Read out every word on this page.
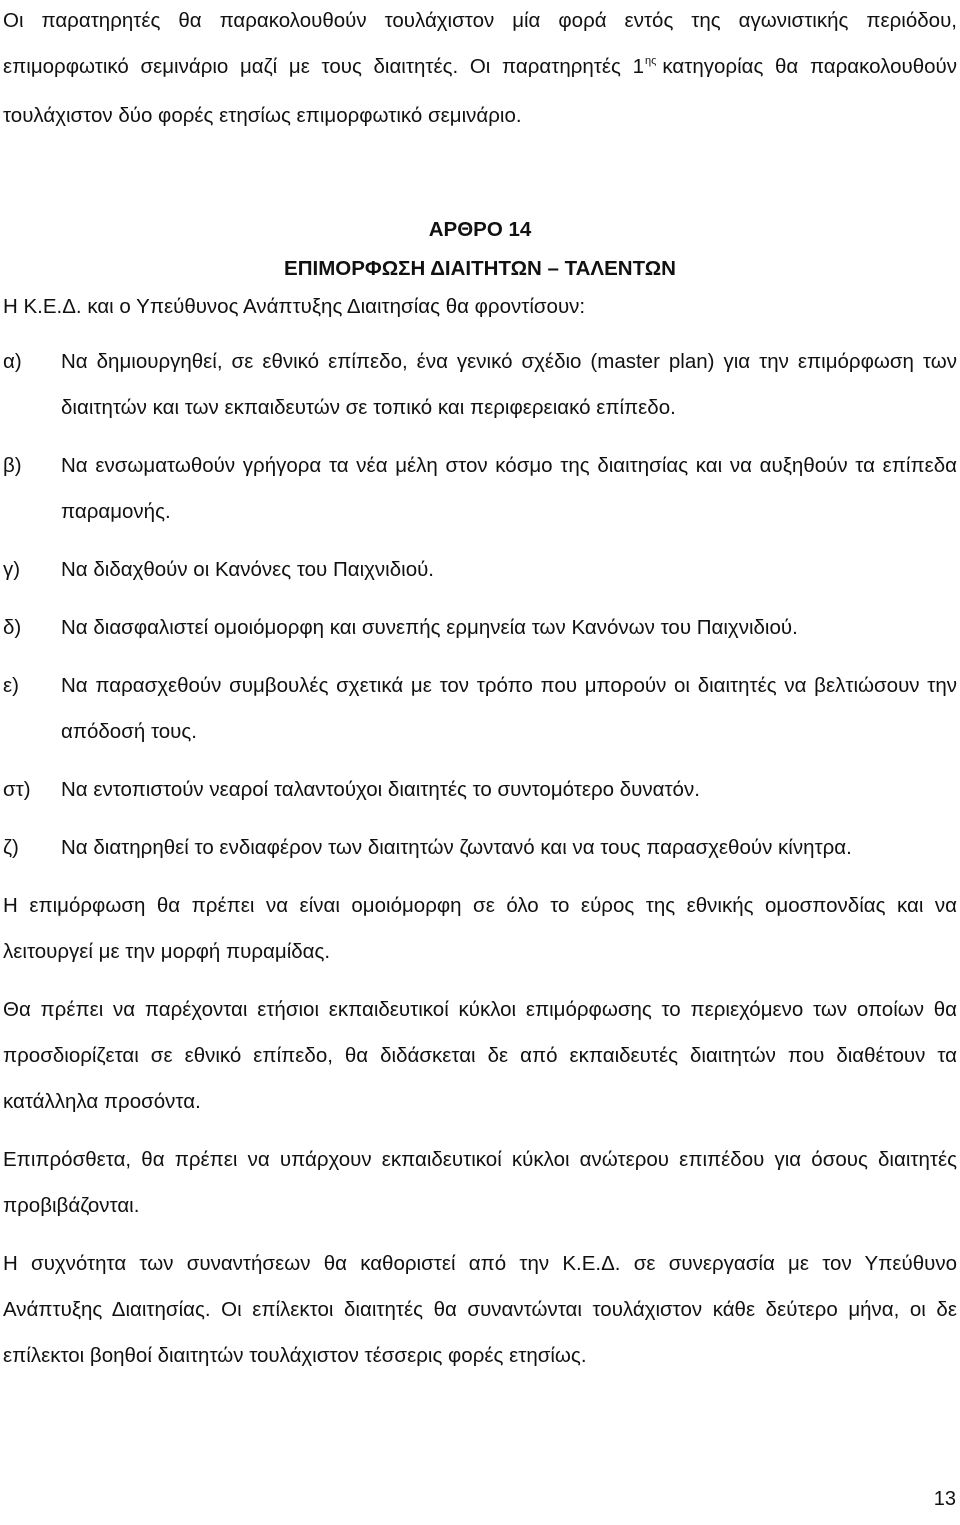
Οι παρατηρητές θα παρακολουθούν τουλάχιστον μία φορά εντός της αγωνιστικής περιόδου, επιμορφωτικό σεμινάριο μαζί με τους διαιτητές. Οι παρατηρητές $1^{\eta\varsigma}$ κατηγορίας θα παρακολουθούν τουλάχιστον δύο φορές ετησίως επιμορφωτικό σεμινάριο.

ΑΡΘΡΟ 14

ΕΠΙΜΟΡΦΩΣΗ ΔΙΑΙΤΗΤΩΝ – ΤΑΛΕΝΤΩΝ

Η Κ.Ε.Δ. και ο Υπεύθυνος Ανάπτυξης Διαιτησίας θα φροντίσουν:

α)	Να δημιουργηθεί, σε εθνικό επίπεδο, ένα γενικό σχέδιο (master plan) για την επιμόρφωση των διαιτητών και των εκπαιδευτών σε τοπικό και περιφερειακό επίπεδο.
β)	Να ενσωματωθούν γρήγορα τα νέα μέλη στον κόσμο της διαιτησίας και να αυξηθούν τα επίπεδα παραμονής.
γ)	Να διδαχθούν οι Κανόνες του Παιχνιδιού.
δ)	Να διασφαλιστεί ομοιόμορφη και συνεπής ερμηνεία των Κανόνων του Παιχνιδιού.
ε)	Να παρασχεθούν συμβουλές σχετικά με τον τρόπο που μπορούν οι διαιτητές να βελτιώσουν την απόδοσή τους.
στ)	Να εντοπιστούν νεαροί ταλαντούχοι διαιτητές το συντομότερο δυνατόν.
ζ)	Να διατηρηθεί το ενδιαφέρον των διαιτητών ζωντανό και να τους παρασχεθούν κίνητρα.

Η επιμόρφωση θα πρέπει να είναι ομοιόμορφη σε όλο το εύρος της εθνικής ομοσπονδίας και να λειτουργεί με την μορφή πυραμίδας.

Θα πρέπει να παρέχονται ετήσιοι εκπαιδευτικοί κύκλοι επιμόρφωσης το περιεχόμενο των οποίων θα προσδιορίζεται σε εθνικό επίπεδο, θα διδάσκεται δε από εκπαιδευτές διαιτητών που διαθέτουν τα κατάλληλα προσόντα.

Επιπρόσθετα, θα πρέπει να υπάρχουν εκπαιδευτικοί κύκλοι ανώτερου επιπέδου για όσους διαιτητές προβιβάζονται.

Η συχνότητα των συναντήσεων θα καθοριστεί από την Κ.Ε.Δ. σε συνεργασία με τον Υπεύθυνο Ανάπτυξης Διαιτησίας. Οι επίλεκτοι διαιτητές θα συναντώνται τουλάχιστον κάθε δεύτερο μήνα, οι δε επίλεκτοι βοηθοί διαιτητών τουλάχιστον τέσσερις φορές ετησίως.

13
